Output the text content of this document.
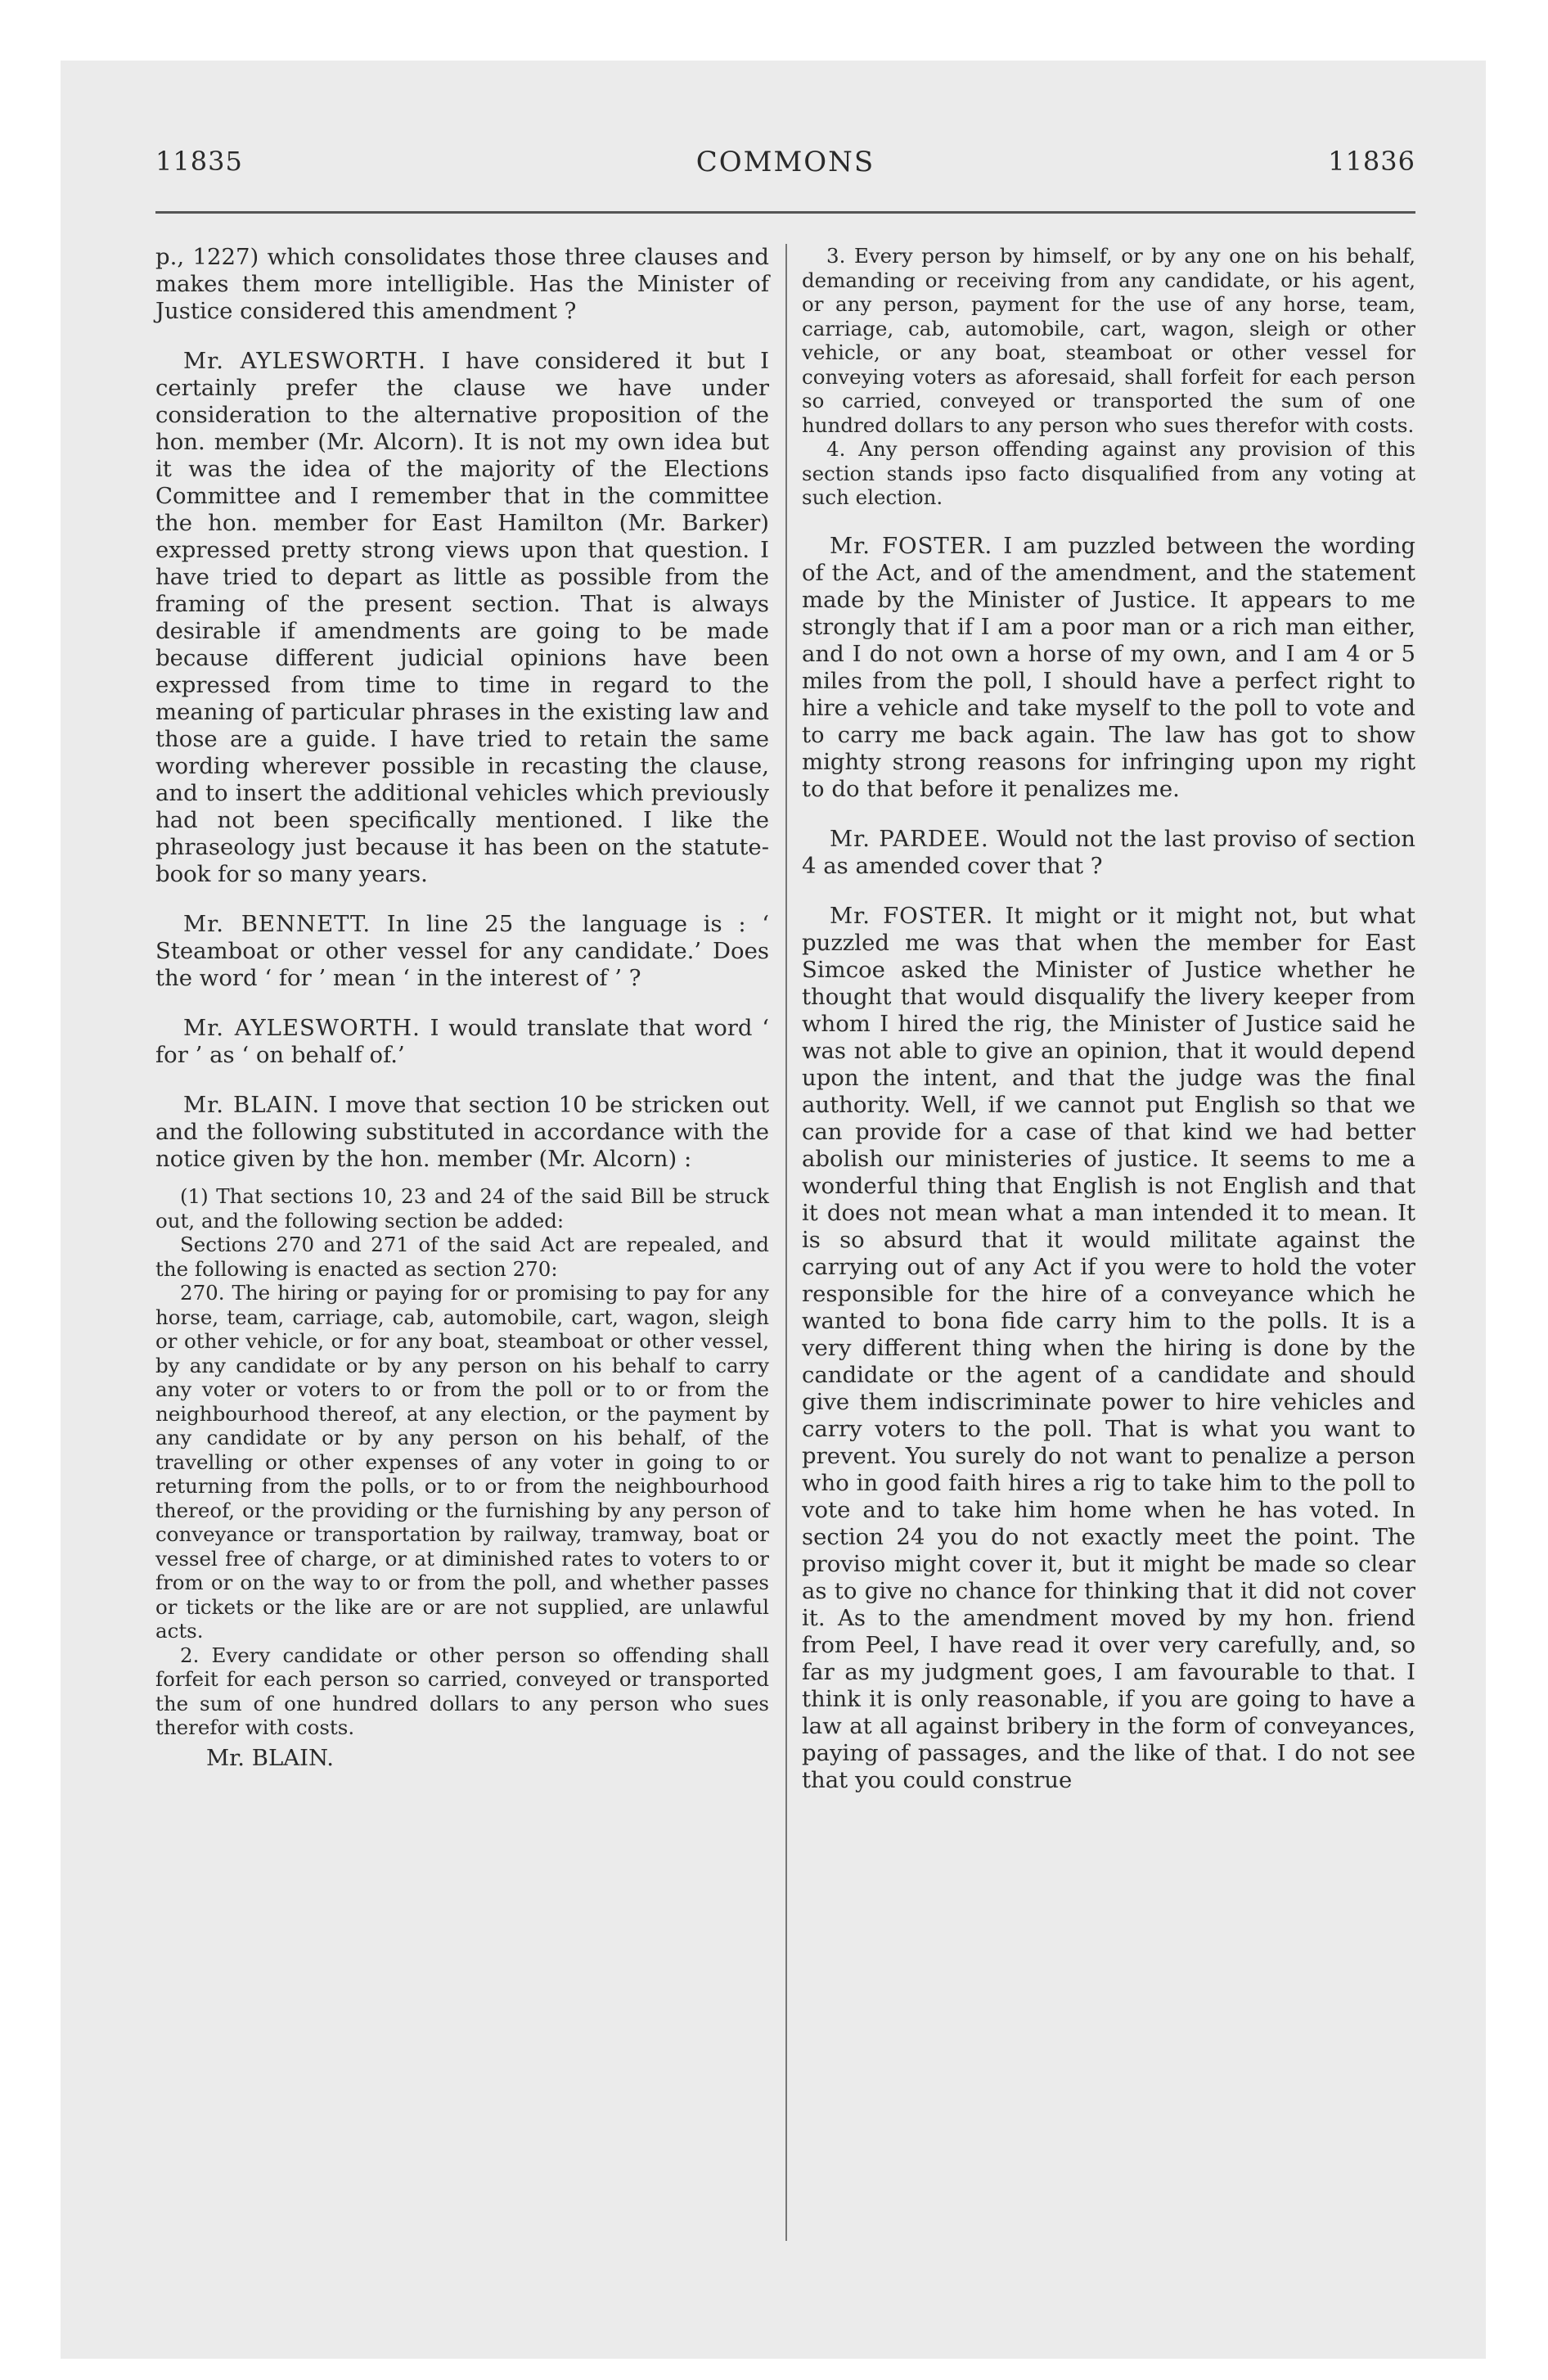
11835	COMMONS	11836

p., 1227) which consolidates those three clauses and makes them more intelligible. Has the Minister of Justice considered this amendment ?

Mr. AYLESWORTH. I have considered it but I certainly prefer the clause we have under consideration to the alternative proposition of the hon. member (Mr. Alcorn). It is not my own idea but it was the idea of the majority of the Elections Committee and I remember that in the committee the hon. member for East Hamilton (Mr. Barker) expressed pretty strong views upon that question. I have tried to depart as little as possible from the framing of the present section. That is always desirable if amendments are going to be made because different judicial opinions have been expressed from time to time in regard to the meaning of particular phrases in the existing law and those are a guide. I have tried to retain the same wording wherever possible in recasting the clause, and to insert the additional vehicles which previously had not been specifically mentioned. I like the phraseology just because it has been on the statute-book for so many years.

Mr. BENNETT. In line 25 the language is : ‘ Steamboat or other vessel for any candidate.’ Does the word ‘ for ’ mean ‘ in the interest of ’ ?

Mr. AYLESWORTH. I would translate that word ‘ for ’ as ‘ on behalf of.’

Mr. BLAIN. I move that section 10 be stricken out and the following substituted in accordance with the notice given by the hon. member (Mr. Alcorn) :

(1) That sections 10, 23 and 24 of the said Bill be struck out, and the following section be added:

Sections 270 and 271 of the said Act are repealed, and the following is enacted as section 270:

270. The hiring or paying for or promising to pay for any horse, team, carriage, cab, automobile, cart, wagon, sleigh or other vehicle, or for any boat, steamboat or other vessel, by any candidate or by any person on his behalf to carry any voter or voters to or from the poll or to or from the neighbourhood thereof, at any election, or the payment by any candidate or by any person on his behalf, of the travelling or other expenses of any voter in going to or returning from the polls, or to or from the neighbourhood thereof, or the providing or the furnishing by any person of conveyance or transportation by railway, tramway, boat or vessel free of charge, or at diminished rates to voters to or from or on the way to or from the poll, and whether passes or tickets or the like are or are not supplied, are unlawful acts.

2. Every candidate or other person so offending shall forfeit for each person so carried, conveyed or transported the sum of one hundred dollars to any person who sues therefor with costs.

Mr. BLAIN.

3. Every person by himself, or by any one on his behalf, demanding or receiving from any candidate, or his agent, or any person, payment for the use of any horse, team, carriage, cab, automobile, cart, wagon, sleigh or other vehicle, or any boat, steamboat or other vessel for conveying voters as aforesaid, shall forfeit for each person so carried, conveyed or transported the sum of one hundred dollars to any person who sues therefor with costs.

4. Any person offending against any provision of this section stands ipso facto disqualified from any voting at such election.

Mr. FOSTER. I am puzzled between the wording of the Act, and of the amendment, and the statement made by the Minister of Justice. It appears to me strongly that if I am a poor man or a rich man either, and I do not own a horse of my own, and I am 4 or 5 miles from the poll, I should have a perfect right to hire a vehicle and take myself to the poll to vote and to carry me back again. The law has got to show mighty strong reasons for infringing upon my right to do that before it penalizes me.

Mr. PARDEE. Would not the last proviso of section 4 as amended cover that ?

Mr. FOSTER. It might or it might not, but what puzzled me was that when the member for East Simcoe asked the Minister of Justice whether he thought that would disqualify the livery keeper from whom I hired the rig, the Minister of Justice said he was not able to give an opinion, that it would depend upon the intent, and that the judge was the final authority. Well, if we cannot put English so that we can provide for a case of that kind we had better abolish our ministeries of justice. It seems to me a wonderful thing that English is not English and that it does not mean what a man intended it to mean. It is so absurd that it would militate against the carrying out of any Act if you were to hold the voter responsible for the hire of a conveyance which he wanted to bona fide carry him to the polls. It is a very different thing when the hiring is done by the candidate or the agent of a candidate and should give them indiscriminate power to hire vehicles and carry voters to the poll. That is what you want to prevent. You surely do not want to penalize a person who in good faith hires a rig to take him to the poll to vote and to take him home when he has voted. In section 24 you do not exactly meet the point. The proviso might cover it, but it might be made so clear as to give no chance for thinking that it did not cover it. As to the amendment moved by my hon. friend from Peel, I have read it over very carefully, and, so far as my judgment goes, I am favourable to that. I think it is only reasonable, if you are going to have a law at all against bribery in the form of conveyances, paying of passages, and the like of that. I do not see that you could construe
